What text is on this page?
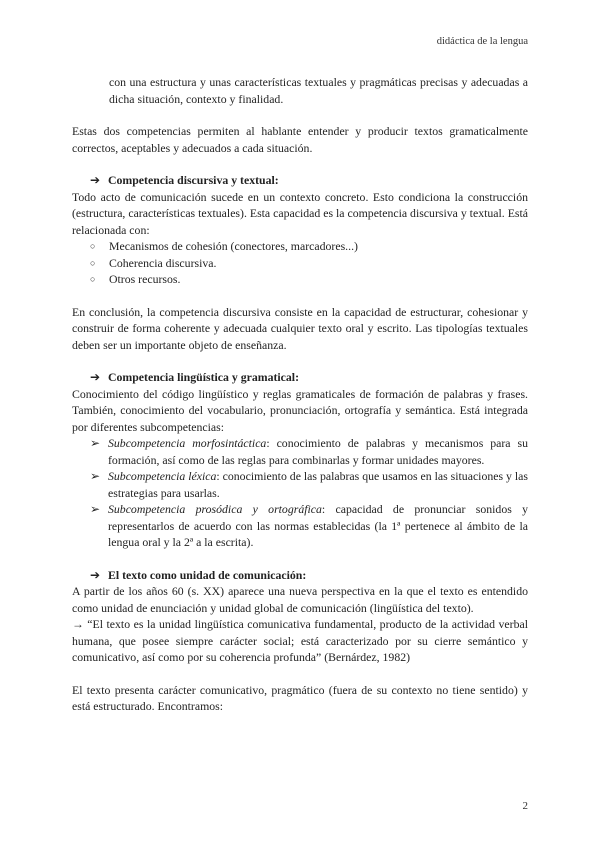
didáctica de la lengua

con una estructura y unas características textuales y pragmáticas precisas y adecuadas a dicha situación, contexto y finalidad.

Estas dos competencias permiten al hablante entender y producir textos gramaticalmente correctos, aceptables y adecuados a cada situación.

➔ Competencia discursiva y textual:

Todo acto de comunicación sucede en un contexto concreto. Esto condiciona la construcción (estructura, características textuales). Esta capacidad es la competencia discursiva y textual. Está relacionada con:

○ Mecanismos de cohesión (conectores, marcadores...)
○ Coherencia discursiva.
○ Otros recursos.

En conclusión, la competencia discursiva consiste en la capacidad de estructurar, cohesionar y construir de forma coherente y adecuada cualquier texto oral y escrito. Las tipologías textuales deben ser un importante objeto de enseñanza.

➔ Competencia lingüística y gramatical:

Conocimiento del código lingüístico y reglas gramaticales de formación de palabras y frases. También, conocimiento del vocabulario, pronunciación, ortografía y semántica. Está integrada por diferentes subcompetencias:

➢ Subcompetencia morfosintáctica: conocimiento de palabras y mecanismos para su formación, así como de las reglas para combinarlas y formar unidades mayores.
➢ Subcompetencia léxica: conocimiento de las palabras que usamos en las situaciones y las estrategias para usarlas.
➢ Subcompetencia prosódica y ortográfica: capacidad de pronunciar sonidos y representarlos de acuerdo con las normas establecidas (la 1ª pertenece al ámbito de la lengua oral y la 2ª a la escrita).

➔ El texto como unidad de comunicación:

A partir de los años 60 (s. XX) aparece una nueva perspectiva en la que el texto es entendido como unidad de enunciación y unidad global de comunicación (lingüística del texto).

→ “El texto es la unidad lingüística comunicativa fundamental, producto de la actividad verbal humana, que posee siempre carácter social; está caracterizado por su cierre semántico y comunicativo, así como por su coherencia profunda” (Bernárdez, 1982)

El texto presenta carácter comunicativo, pragmático (fuera de su contexto no tiene sentido) y está estructurado. Encontramos:

2
